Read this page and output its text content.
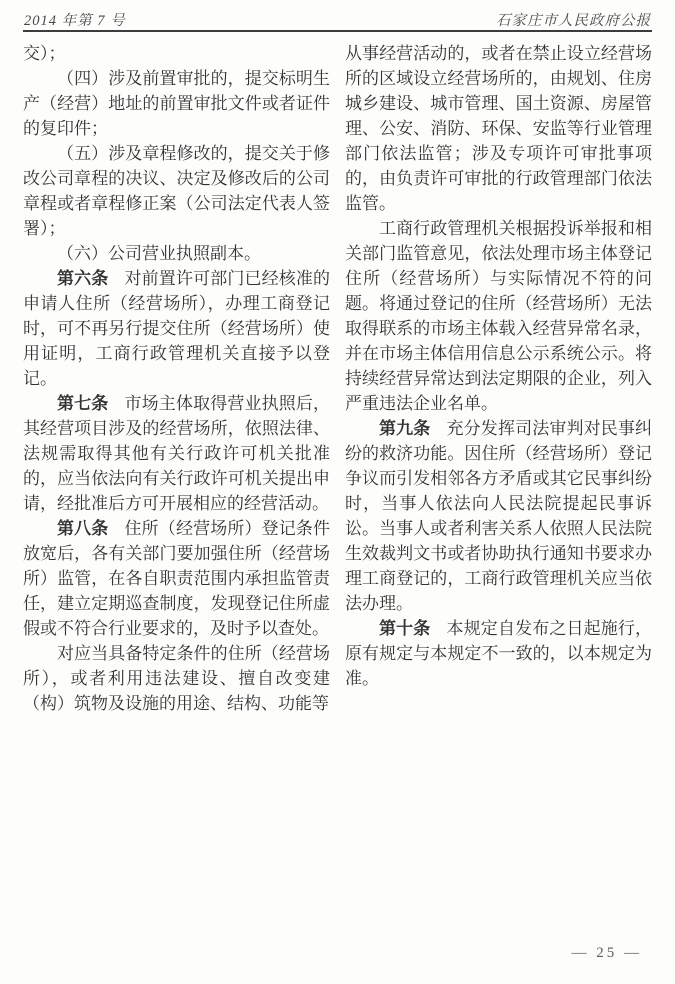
2014 年第 7 号	石家庄市人民政府公报

交）；

（四）涉及前置审批的，提交标明生产（经营）地址的前置审批文件或者证件的复印件；

（五）涉及章程修改的，提交关于修改公司章程的决议、决定及修改后的公司章程或者章程修正案（公司法定代表人签署）；

（六）公司营业执照副本。

第六条 对前置许可部门已经核准的申请人住所（经营场所），办理工商登记时，可不再另行提交住所（经营场所）使用证明，工商行政管理机关直接予以登记。

第七条 市场主体取得营业执照后，其经营项目涉及的经营场所，依照法律、法规需取得其他有关行政许可机关批准的，应当依法向有关行政许可机关提出申请，经批准后方可开展相应的经营活动。

第八条 住所（经营场所）登记条件放宽后，各有关部门要加强住所（经营场所）监管，在各自职责范围内承担监管责任，建立定期巡查制度，发现登记住所虚假或不符合行业要求的，及时予以查处。

对应当具备特定条件的住所（经营场所），或者利用违法建设、擅自改变建（构）筑物及设施的用途、结构、功能等

从事经营活动的，或者在禁止设立经营场所的区域设立经营场所的，由规划、住房城乡建设、城市管理、国土资源、房屋管理、公安、消防、环保、安监等行业管理部门依法监管；涉及专项许可审批事项的，由负责许可审批的行政管理部门依法监管。

工商行政管理机关根据投诉举报和相关部门监管意见，依法处理市场主体登记住所（经营场所）与实际情况不符的问题。将通过登记的住所（经营场所）无法取得联系的市场主体载入经营异常名录，并在市场主体信用信息公示系统公示。将持续经营异常达到法定期限的企业，列入严重违法企业名单。

第九条 充分发挥司法审判对民事纠纷的救济功能。因住所（经营场所）登记争议而引发相邻各方矛盾或其它民事纠纷时，当事人依法向人民法院提起民事诉讼。当事人或者利害关系人依照人民法院生效裁判文书或者协助执行通知书要求办理工商登记的，工商行政管理机关应当依法办理。

第十条 本规定自发布之日起施行，原有规定与本规定不一致的，以本规定为准。

— 25 —
